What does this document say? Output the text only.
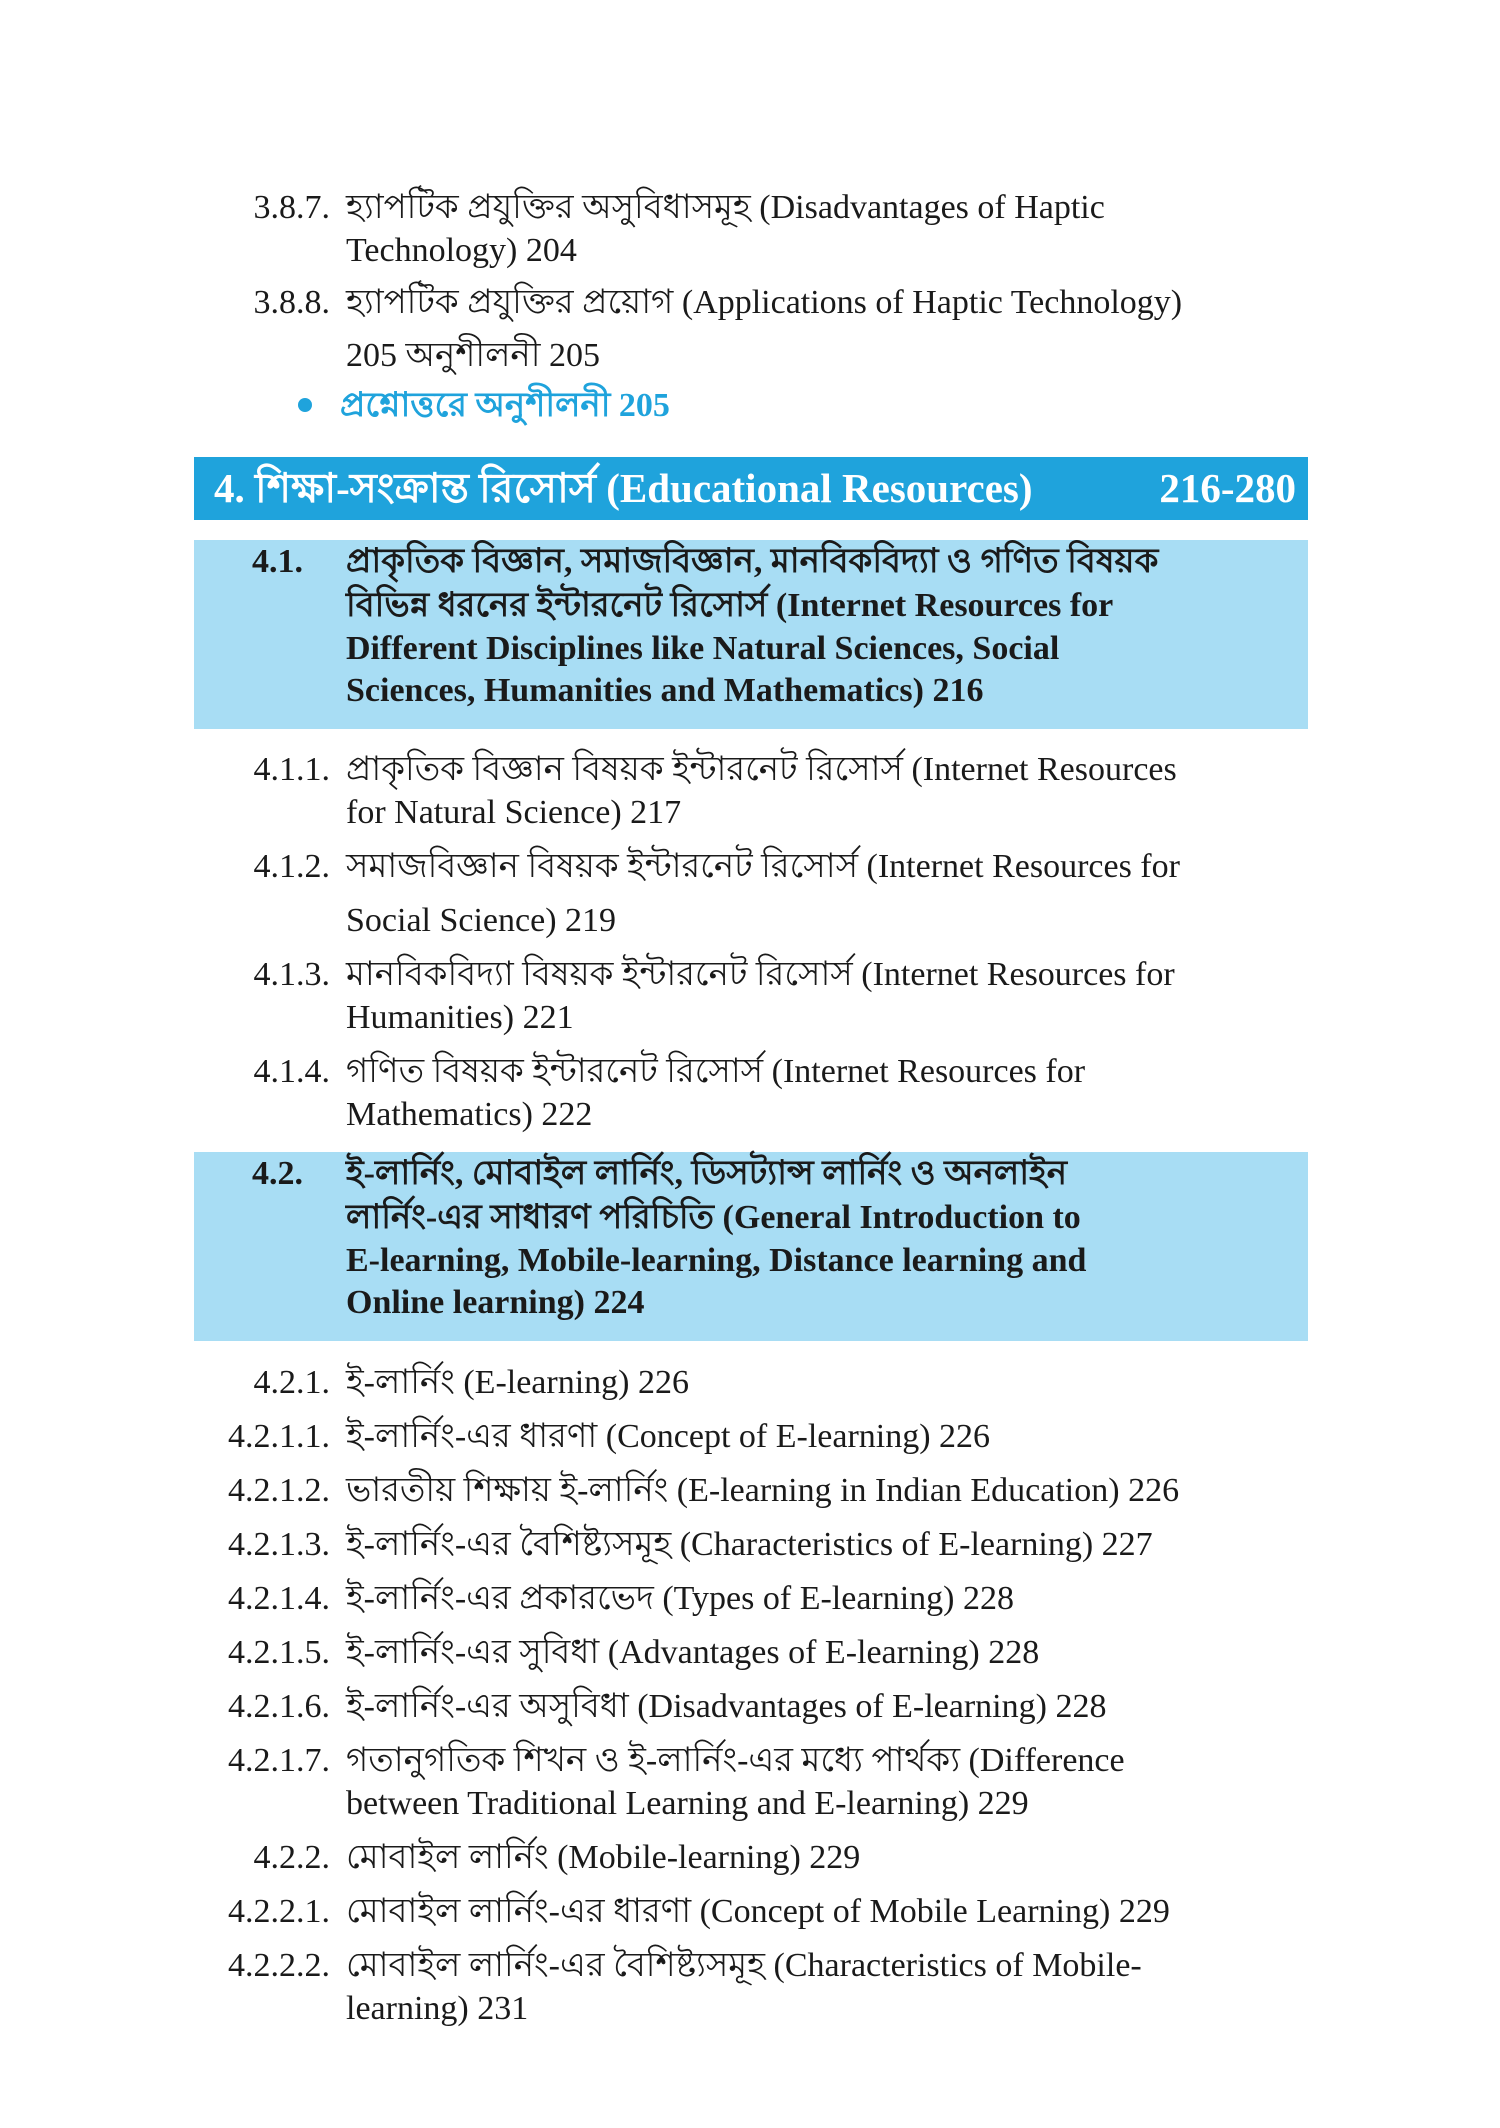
3.8.7. হ্যাপটিক প্রযুক্তির অসুবিধাসমূহ (Disadvantages of Haptic
Technology) 204
3.8.8. হ্যাপটিক প্রযুক্তির প্রয়োগ (Applications of Haptic Technology)
205 অনুশীলনী 205
প্রশ্নোত্তরে অনুশীলনী 205
4. শিক্ষা-সংক্রান্ত রিসোর্স (Educational Resources)	216-280
4.1. প্রাকৃতিক বিজ্ঞান, সমাজবিজ্ঞান, মানবিকবিদ্যা ও গণিত বিষয়ক
বিভিন্ন ধরনের ইন্টারনেট রিসোর্স (Internet Resources for
Different Disciplines like Natural Sciences, Social
Sciences, Humanities and Mathematics) 216
4.1.1. প্রাকৃতিক বিজ্ঞান বিষয়ক ইন্টারনেট রিসোর্স (Internet Resources
for Natural Science) 217
4.1.2. সমাজবিজ্ঞান বিষয়ক ইন্টারনেট রিসোর্স (Internet Resources for
Social Science) 219
4.1.3. মানবিকবিদ্যা বিষয়ক ইন্টারনেট রিসোর্স (Internet Resources for
Humanities) 221
4.1.4. গণিত বিষয়ক ইন্টারনেট রিসোর্স (Internet Resources for
Mathematics) 222
4.2. ই-লার্নিং, মোবাইল লার্নিং, ডিসট্যান্স লার্নিং ও অনলাইন
লার্নিং-এর সাধারণ পরিচিতি (General Introduction to
E-learning, Mobile-learning, Distance learning and
Online learning) 224
4.2.1. ই-লার্নিং (E-learning) 226
4.2.1.1. ই-লার্নিং-এর ধারণা (Concept of E-learning) 226
4.2.1.2. ভারতীয় শিক্ষায় ই-লার্নিং (E-learning in Indian Education) 226
4.2.1.3. ই-লার্নিং-এর বৈশিষ্ট্যসমূহ (Characteristics of E-learning) 227
4.2.1.4. ই-লার্নিং-এর প্রকারভেদ (Types of E-learning) 228
4.2.1.5. ই-লার্নিং-এর সুবিধা (Advantages of E-learning) 228
4.2.1.6. ই-লার্নিং-এর অসুবিধা (Disadvantages of E-learning) 228
4.2.1.7. গতানুগতিক শিখন ও ই-লার্নিং-এর মধ্যে পার্থক্য (Difference
between Traditional Learning and E-learning) 229
4.2.2. মোবাইল লার্নিং (Mobile-learning) 229
4.2.2.1. মোবাইল লার্নিং-এর ধারণা (Concept of Mobile Learning) 229
4.2.2.2. মোবাইল লার্নিং-এর বৈশিষ্ট্যসমূহ (Characteristics of Mobile-
learning) 231
